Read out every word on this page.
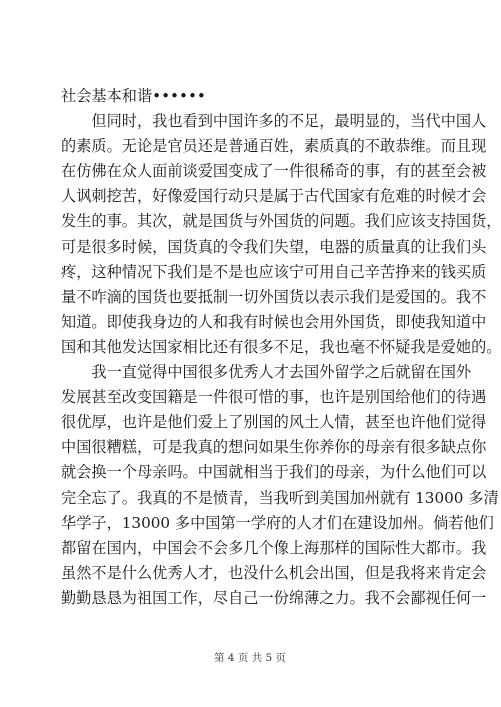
社会基本和谐••••••
　　但同时，我也看到中国许多的不足，最明显的，当代中国人
的素质。无论是官员还是普通百姓，素质真的不敢恭维。而且现
在仿佛在众人面前谈爱国变成了一件很稀奇的事，有的甚至会被
人讽刺挖苦，好像爱国行动只是属于古代国家有危难的时候才会
发生的事。其次，就是国货与外国货的问题。我们应该支持国货，
可是很多时候，国货真的令我们失望，电器的质量真的让我们头
疼，这种情况下我们是不是也应该宁可用自己辛苦挣来的钱买质
量不咋滴的国货也要抵制一切外国货以表示我们是爱国的。我不
知道。即使我身边的人和我有时候也会用外国货，即使我知道中
国和其他发达国家相比还有很多不足，我也毫不怀疑我是爱她的。
　　我一直觉得中国很多优秀人才去国外留学之后就留在国外
发展甚至改变国籍是一件很可惜的事，也许是别国给他们的待遇
很优厚，也许是他们爱上了别国的风土人情，甚至也许他们觉得
中国很糟糕，可是我真的想问如果生你养你的母亲有很多缺点你
就会换一个母亲吗。中国就相当于我们的母亲，为什么他们可以
完全忘了。我真的不是愤青，当我听到美国加州就有 13000 多清
华学子，13000 多中国第一学府的人才们在建设加州。倘若他们
都留在国内，中国会不会多几个像上海那样的国际性大都市。我
虽然不是什么优秀人才，也没什么机会出国，但是我将来肯定会
勤勤恳恳为祖国工作，尽自己一份绵薄之力。我不会鄙视任何一
第 4 页 共 5 页
